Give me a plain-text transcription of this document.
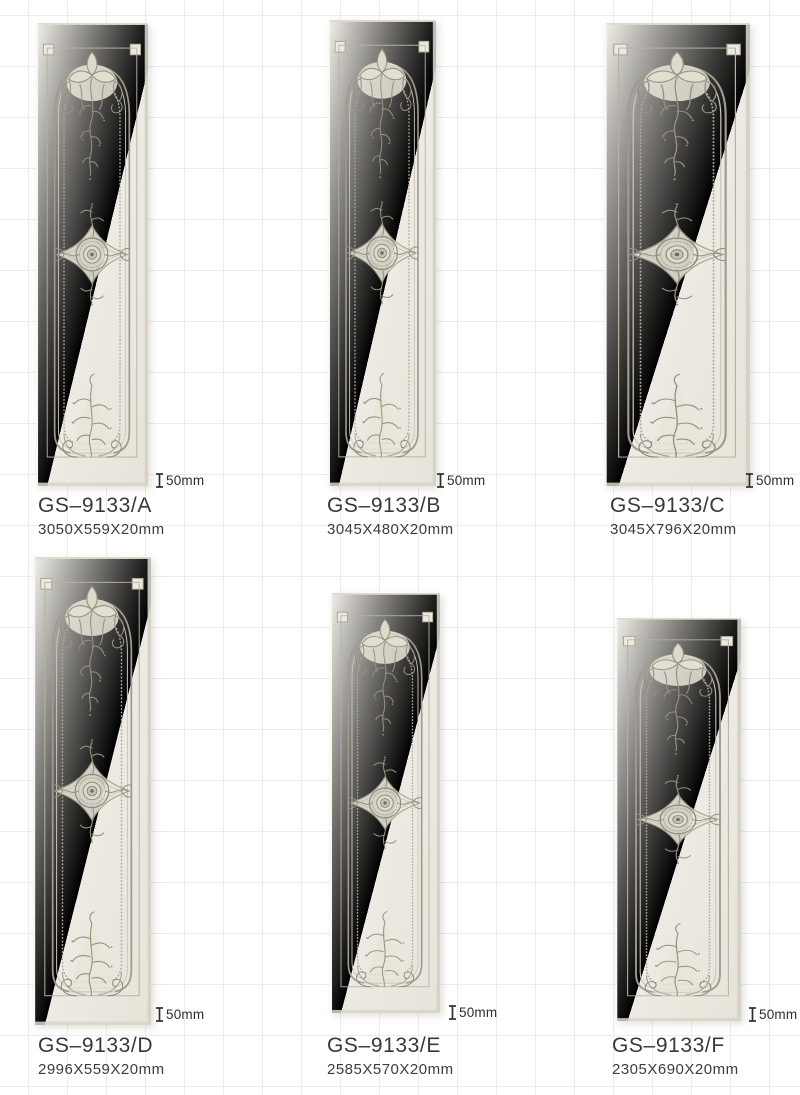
50mm
GS–9133/A
3050X559X20mm
50mm
GS–9133/B
3045X480X20mm
50mm
GS–9133/C
3045X796X20mm
50mm
GS–9133/D
2996X559X20mm
50mm
GS–9133/E
2585X570X20mm
50mm
GS–9133/F
2305X690X20mm
